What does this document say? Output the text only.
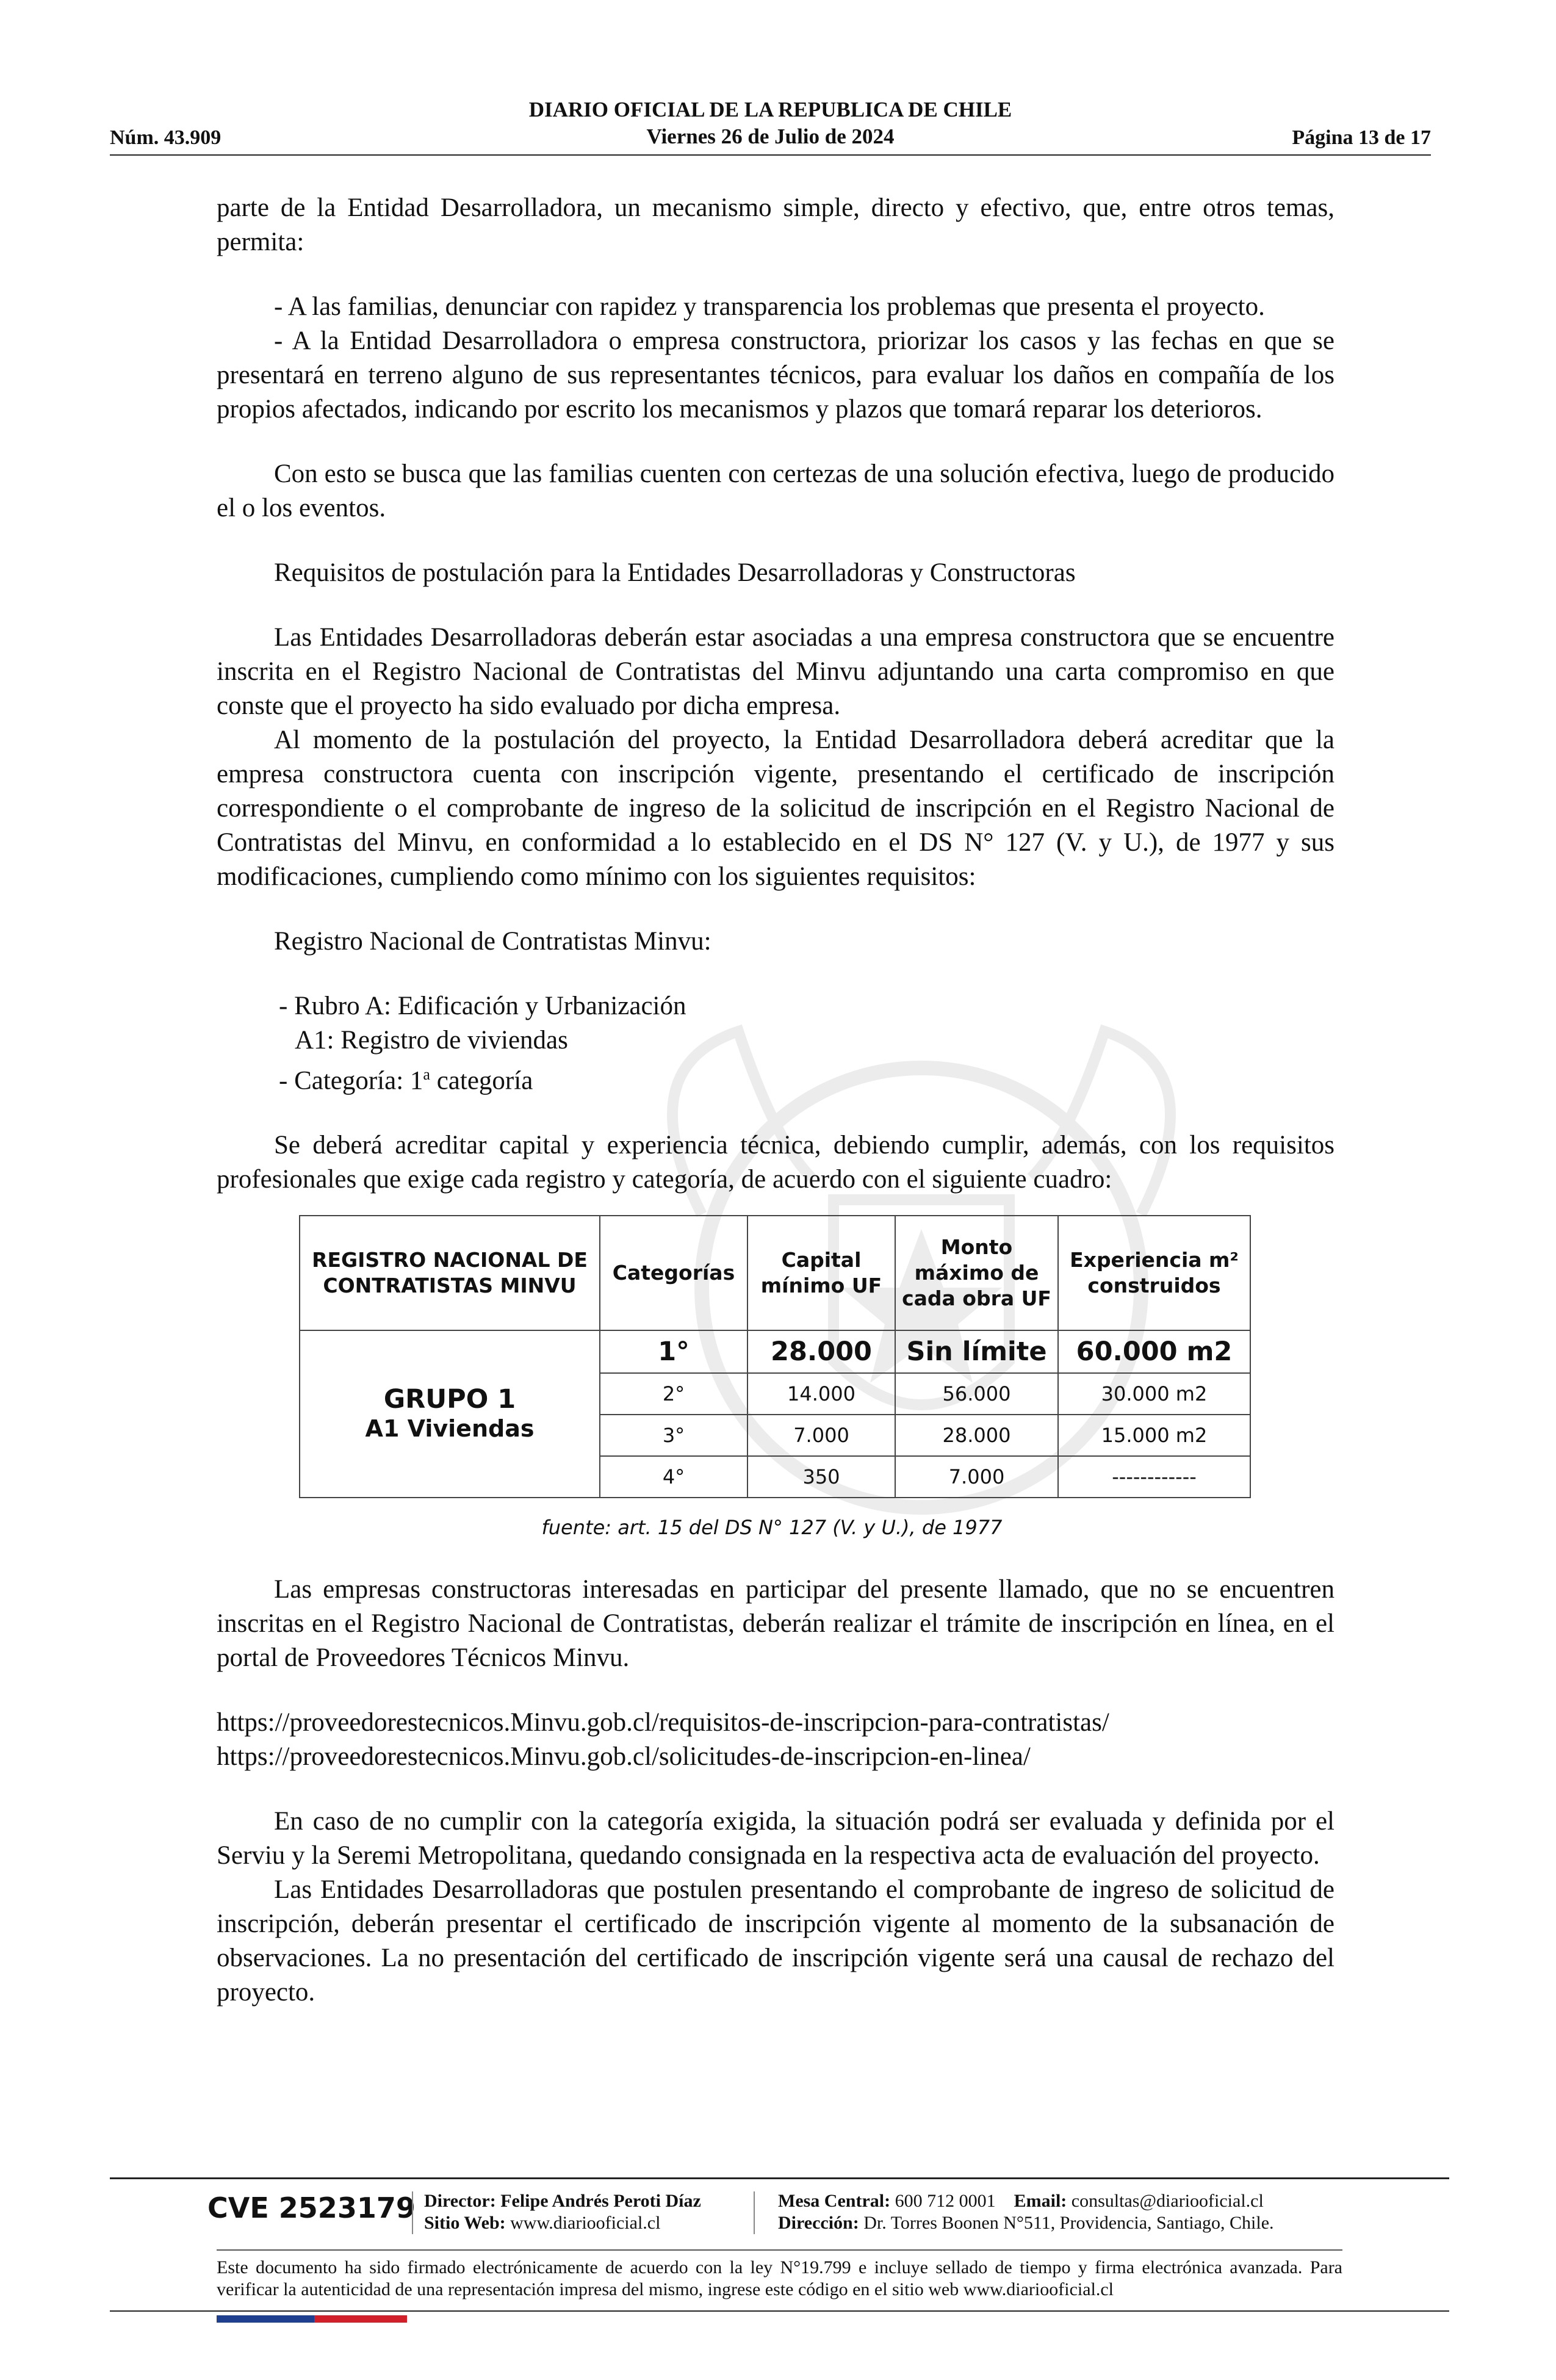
DIARIO OFICIAL DE LA REPUBLICA DE CHILE
Viernes 26 de Julio de 2024
Núm. 43.909	Página 13 de 17

parte de la Entidad Desarrolladora, un mecanismo simple, directo y efectivo, que, entre otros temas, permita:

- A las familias, denunciar con rapidez y transparencia los problemas que presenta el proyecto.

- A la Entidad Desarrolladora o empresa constructora, priorizar los casos y las fechas en que se presentará en terreno alguno de sus representantes técnicos, para evaluar los daños en compañía de los propios afectados, indicando por escrito los mecanismos y plazos que tomará reparar los deterioros.

Con esto se busca que las familias cuenten con certezas de una solución efectiva, luego de producido el o los eventos.

Requisitos de postulación para la Entidades Desarrolladoras y Constructoras

Las Entidades Desarrolladoras deberán estar asociadas a una empresa constructora que se encuentre inscrita en el Registro Nacional de Contratistas del Minvu adjuntando una carta compromiso en que conste que el proyecto ha sido evaluado por dicha empresa.

Al momento de la postulación del proyecto, la Entidad Desarrolladora deberá acreditar que la empresa constructora cuenta con inscripción vigente, presentando el certificado de inscripción correspondiente o el comprobante de ingreso de la solicitud de inscripción en el Registro Nacional de Contratistas del Minvu, en conformidad a lo establecido en el DS N° 127 (V. y U.), de 1977 y sus modificaciones, cumpliendo como mínimo con los siguientes requisitos:

Registro Nacional de Contratistas Minvu:

- Rubro A: Edificación y Urbanización

A1: Registro de viviendas

- Categoría: 1$^a$ categoría

Se deberá acreditar capital y experiencia técnica, debiendo cumplir, además, con los requisitos profesionales que exige cada registro y categoría, de acuerdo con el siguiente cuadro:

REGISTRO NACIONAL DE CONTRATISTAS MINVU	Categorías	Capital mínimo UF	Monto máximo de cada obra UF	Experiencia m² construidos

GRUPO 1
A1 Viviendas	1°	28.000	Sin límite	60.000 m2
	2°	14.000	56.000	30.000 m2
	3°	7.000	28.000	15.000 m2
	4°	350	7.000	------------
fuente: art. 15 del DS N° 127 (V. y U.), de 1977

Las empresas constructoras interesadas en participar del presente llamado, que no se encuentren inscritas en el Registro Nacional de Contratistas, deberán realizar el trámite de inscripción en línea, en el portal de Proveedores Técnicos Minvu.

https://proveedorestecnicos.Minvu.gob.cl/requisitos-de-inscripcion-para-contratistas/

https://proveedorestecnicos.Minvu.gob.cl/solicitudes-de-inscripcion-en-linea/

En caso de no cumplir con la categoría exigida, la situación podrá ser evaluada y definida por el Serviu y la Seremi Metropolitana, quedando consignada en la respectiva acta de evaluación del proyecto.

Las Entidades Desarrolladoras que postulen presentando el comprobante de ingreso de solicitud de inscripción, deberán presentar el certificado de inscripción vigente al momento de la subsanación de observaciones. La no presentación del certificado de inscripción vigente será una causal de rechazo del proyecto.

CVE 2523179 Director: Felipe Andrés Peroti Díaz
Sitio Web: www.diariooficial.cl
Mesa Central: 600 712 0001 Email: consultas@diariooficial.cl
Dirección: Dr. Torres Boonen N°511, Providencia, Santiago, Chile.
Este documento ha sido firmado electrónicamente de acuerdo con la ley N°19.799 e incluye sellado de tiempo y firma electrónica avanzada. Para verificar la autenticidad de una representación impresa del mismo, ingrese este código en el sitio web www.diariooficial.cl
